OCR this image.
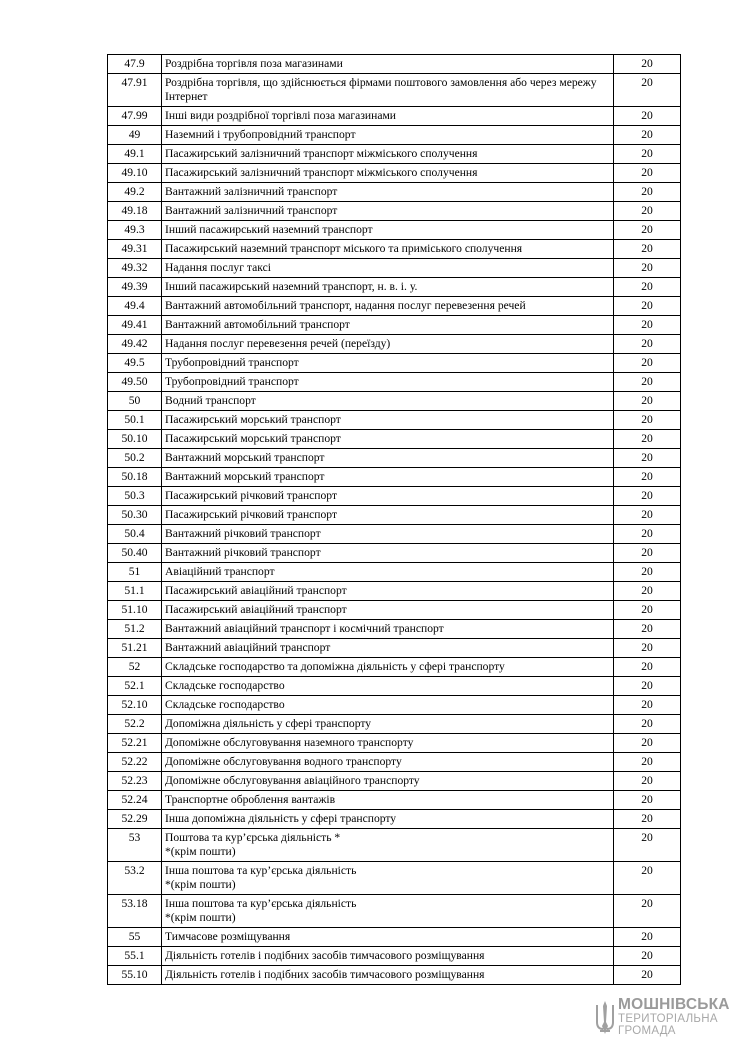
47.9	Роздрібна торгівля поза магазинами	20
47.91	Роздрібна торгівля, що здійснюється фірмами поштового замовлення або через мережу Інтернет	20
47.99	Інші види роздрібної торгівлі поза магазинами	20
49	Наземний і трубопровідний транспорт	20
49.1	Пасажирський залізничний транспорт міжміського сполучення	20
49.10	Пасажирський залізничний транспорт міжміського сполучення	20
49.2	Вантажний залізничний транспорт	20
49.18	Вантажний залізничний транспорт	20
49.3	Інший пасажирський наземний транспорт	20
49.31	Пасажирський наземний транспорт міського та приміського сполучення	20
49.32	Надання послуг таксі	20
49.39	Інший пасажирський наземний транспорт, н. в. і. у.	20
49.4	Вантажний автомобільний транспорт, надання послуг перевезення речей	20
49.41	Вантажний автомобільний транспорт	20
49.42	Надання послуг перевезення речей (переїзду)	20
49.5	Трубопровідний транспорт	20
49.50	Трубопровідний транспорт	20
50	Водний транспорт	20
50.1	Пасажирський морський транспорт	20
50.10	Пасажирський морський транспорт	20
50.2	Вантажний морський транспорт	20
50.18	Вантажний морський транспорт	20
50.3	Пасажирський річковий транспорт	20
50.30	Пасажирський річковий транспорт	20
50.4	Вантажний річковий транспорт	20
50.40	Вантажний річковий транспорт	20
51	Авіаційний транспорт	20
51.1	Пасажирський авіаційний транспорт	20
51.10	Пасажирський авіаційний транспорт	20
51.2	Вантажний авіаційний транспорт і космічний транспорт	20
51.21	Вантажний авіаційний транспорт	20
52	Складське господарство та допоміжна діяльність у сфері транспорту	20
52.1	Складське господарство	20
52.10	Складське господарство	20
52.2	Допоміжна діяльність у сфері транспорту	20
52.21	Допоміжне обслуговування наземного транспорту	20
52.22	Допоміжне обслуговування водного транспорту	20
52.23	Допоміжне обслуговування авіаційного транспорту	20
52.24	Транспортне оброблення вантажів	20
52.29	Інша допоміжна діяльність у сфері транспорту	20
53	Поштова та кур’єрська діяльність *
*(крім пошти)	20
53.2	Інша поштова та кур’єрська діяльність
*(крім пошти)	20
53.18	Інша поштова та кур’єрська діяльність
*(крім пошти)	20
55	Тимчасове розміщування	20
55.1	Діяльність готелів і подібних засобів тимчасового розміщування	20
55.10	Діяльність готелів і подібних засобів тимчасового розміщування	20
МОШНІВСЬКА
ТЕРИТОРІАЛЬНА
ГРОМАДА
